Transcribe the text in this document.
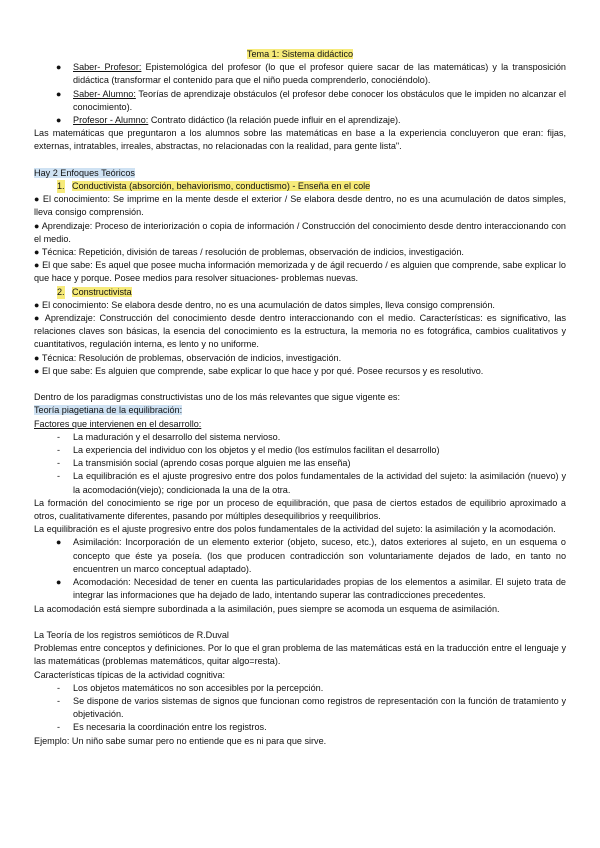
Tema 1: Sistema didáctico

● Saber- Profesor: Epistemológica del profesor (lo que el profesor quiere sacar de las matemáticas) y la transposición didáctica (transformar el contenido para que el niño pueda comprenderlo, conociéndolo).
● Saber- Alumno: Teorías de aprendizaje obstáculos (el profesor debe conocer los obstáculos que le impiden no alcanzar el conocimiento).
● Profesor - Alumno: Contrato didáctico (la relación puede influir en el aprendizaje).

Las matemáticas que preguntaron a los alumnos sobre las matemáticas en base a la experiencia concluyeron que eran: fijas, externas, intratables, irreales, abstractas, no relacionadas con la realidad, para gente lista".

Hay 2 Enfoques Teóricos

1. Conductivista (absorción, behaviorismo, conductismo) - Enseña en el cole

● El conocimiento: Se imprime en la mente desde el exterior / Se elabora desde dentro, no es una acumulación de datos simples, lleva consigo comprensión.

● Aprendizaje: Proceso de interiorización o copia de información / Construcción del conocimiento desde dentro interaccionando con el medio.

● Técnica: Repetición, división de tareas / resolución de problemas, observación de indicios, investigación.

● El que sabe: Es aquel que posee mucha información memorizada y de ágil recuerdo / es alguien que comprende, sabe explicar lo que hace y porque. Posee medios para resolver situaciones- problemas nuevas.

2. Constructivista

● El conocimiento: Se elabora desde dentro, no es una acumulación de datos simples, lleva consigo comprensión.

● Aprendizaje: Construcción del conocimiento desde dentro interaccionando con el medio. Características: es significativo, las relaciones claves son básicas, la esencia del conocimiento es la estructura, la memoria no es fotográfica, cambios cualitativos y cuantitativos, regulación interna, es lento y no uniforme.

● Técnica: Resolución de problemas, observación de indicios, investigación.

● El que sabe: Es alguien que comprende, sabe explicar lo que hace y por qué. Posee recursos y es resolutivo.

Dentro de los paradigmas constructivistas uno de los más relevantes que sigue vigente es:

Teoría piagetiana de la equilibración:

Factores que intervienen en el desarrollo:

- La maduración y el desarrollo del sistema nervioso.
- La experiencia del individuo con los objetos y el medio (los estímulos facilitan el desarrollo)
- La transmisión social (aprendo cosas porque alguien me las enseña)
- La equilibración es el ajuste progresivo entre dos polos fundamentales de la actividad del sujeto: la asimilación (nuevo) y la acomodación(viejo); condicionada la una de la otra.

La formación del conocimiento se rige por un proceso de equilibración, que pasa de ciertos estados de equilibrio aproximado a otros, cualitativamente diferentes, pasando por múltiples desequilibrios y reequilibrios.

La equilibración es el ajuste progresivo entre dos polos fundamentales de la actividad del sujeto: la asimilación y la acomodación.

● Asimilación: Incorporación de un elemento exterior (objeto, suceso, etc.), datos exteriores al sujeto, en un esquema o concepto que éste ya poseía. (los que producen contradicción son voluntariamente dejados de lado, en tanto no encuentren un marco conceptual adaptado).
● Acomodación: Necesidad de tener en cuenta las particularidades propias de los elementos a asimilar. El sujeto trata de integrar las informaciones que ha dejado de lado, intentando superar las contradicciones precedentes.

La acomodación está siempre subordinada a la asimilación, pues siempre se acomoda un esquema de asimilación.

La Teoría de los registros semióticos de R.Duval

Problemas entre conceptos y definiciones. Por lo que el gran problema de las matemáticas está en la traducción entre el lenguaje y las matemáticas (problemas matemáticos, quitar algo=resta).

Características típicas de la actividad cognitiva:

- Los objetos matemáticos no son accesibles por la percepción.
- Se dispone de varios sistemas de signos que funcionan como registros de representación con la función de tratamiento y objetivación.
- Es necesaria la coordinación entre los registros.

Ejemplo: Un niño sabe sumar pero no entiende que es ni para que sirve.
